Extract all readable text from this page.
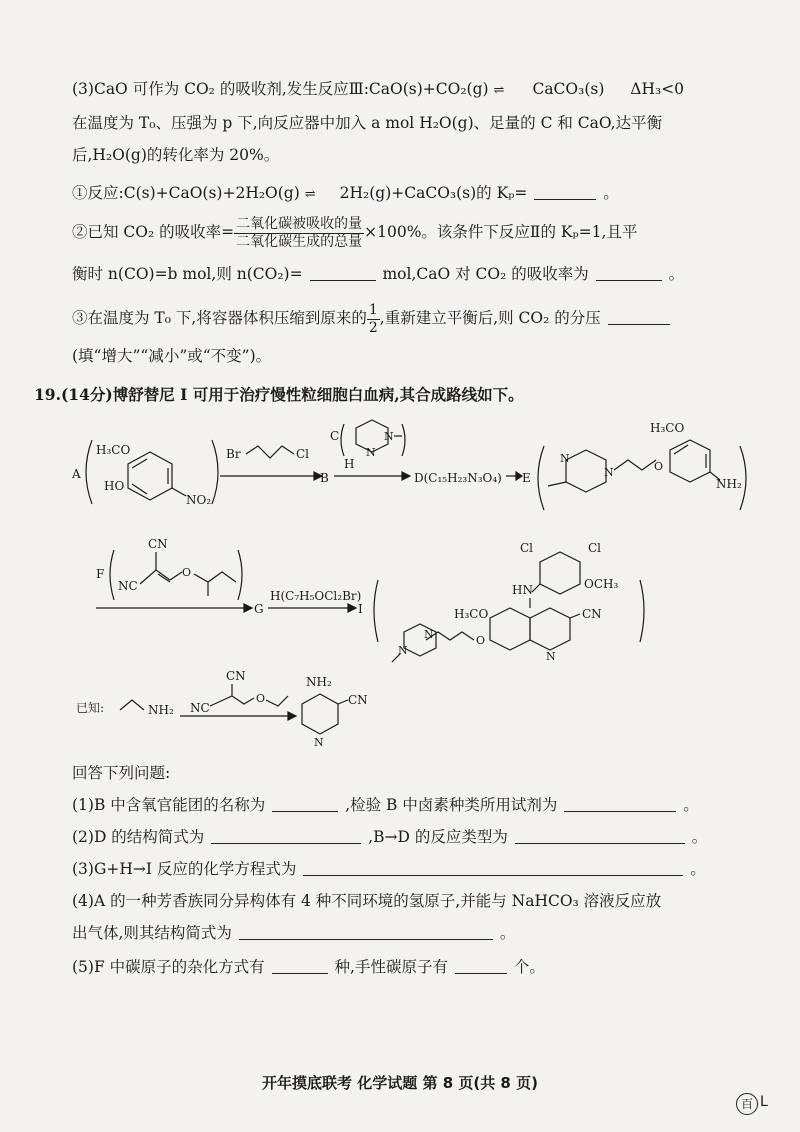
(3)CaO 可作为 CO₂ 的吸收剂,发生反应Ⅲ:CaO(s)+CO₂(g) ⇌ CaCO₃(s) ΔH₃<0
在温度为 T₀、压强为 p 下,向反应器中加入 a mol H₂O(g)、足量的 C 和 CaO,达平衡
后,H₂O(g)的转化率为 20%。
①反应:C(s)+CaO(s)+2H₂O(g) ⇌ 2H₂(g)+CaCO₃(s)的 Kₚ=	。
②已知 CO₂ 的吸收率= $\frac{\text{二氧化碳被吸收的量}}{\text{二氧化碳生成的总量}} \times 100\%$。该条件下反应Ⅱ的 Kₚ=1,且平
衡时 n(CO)=b mol,则 n(CO₂)=	mol,CaO 对 CO₂ 的吸收率为	。
③在温度为 T₀ 下,将容器体积压缩到原来的 $\frac{1}{2}$ ,重新建立平衡后,则 CO₂ 的分压
(填“增大”“减小”或“不变”)。
19.(14分)博舒替尼 I 可用于治疗慢性粒细胞白血病,其合成路线如下。
A
H₃CO
HO
NO₂
Br	Cl
B
C
H
N
N
D(C₁₅H₂₃N₃O₄) E
N
N	O
H₃CO
NH₂
F
CN
NC
O
G
H(C₇H₅OCl₂Br)
I
Cl	Cl
OCH₃
HN
H₃CO	CN
N
O
N
N
已知:	NH₂
CN
NC
O
NH₂
CN
N
回答下列问题:
(1)B 中含氧官能团的名称为	,检验 B 中卤素种类所用试剂为	。
(2)D 的结构简式为	,B→D 的反应类型为	。
(3)G+H→I 反应的化学方程式为	。
(4)A 的一种芳香族同分异构体有 4 种不同环境的氢原子,并能与 NaHCO₃ 溶液反应放
出气体,则其结构简式为	。
(5)F 中碳原子的杂化方式有	种,手性碳原子有	个。
开年摸底联考 化学试题 第 8 页(共 8 页)
百 L
